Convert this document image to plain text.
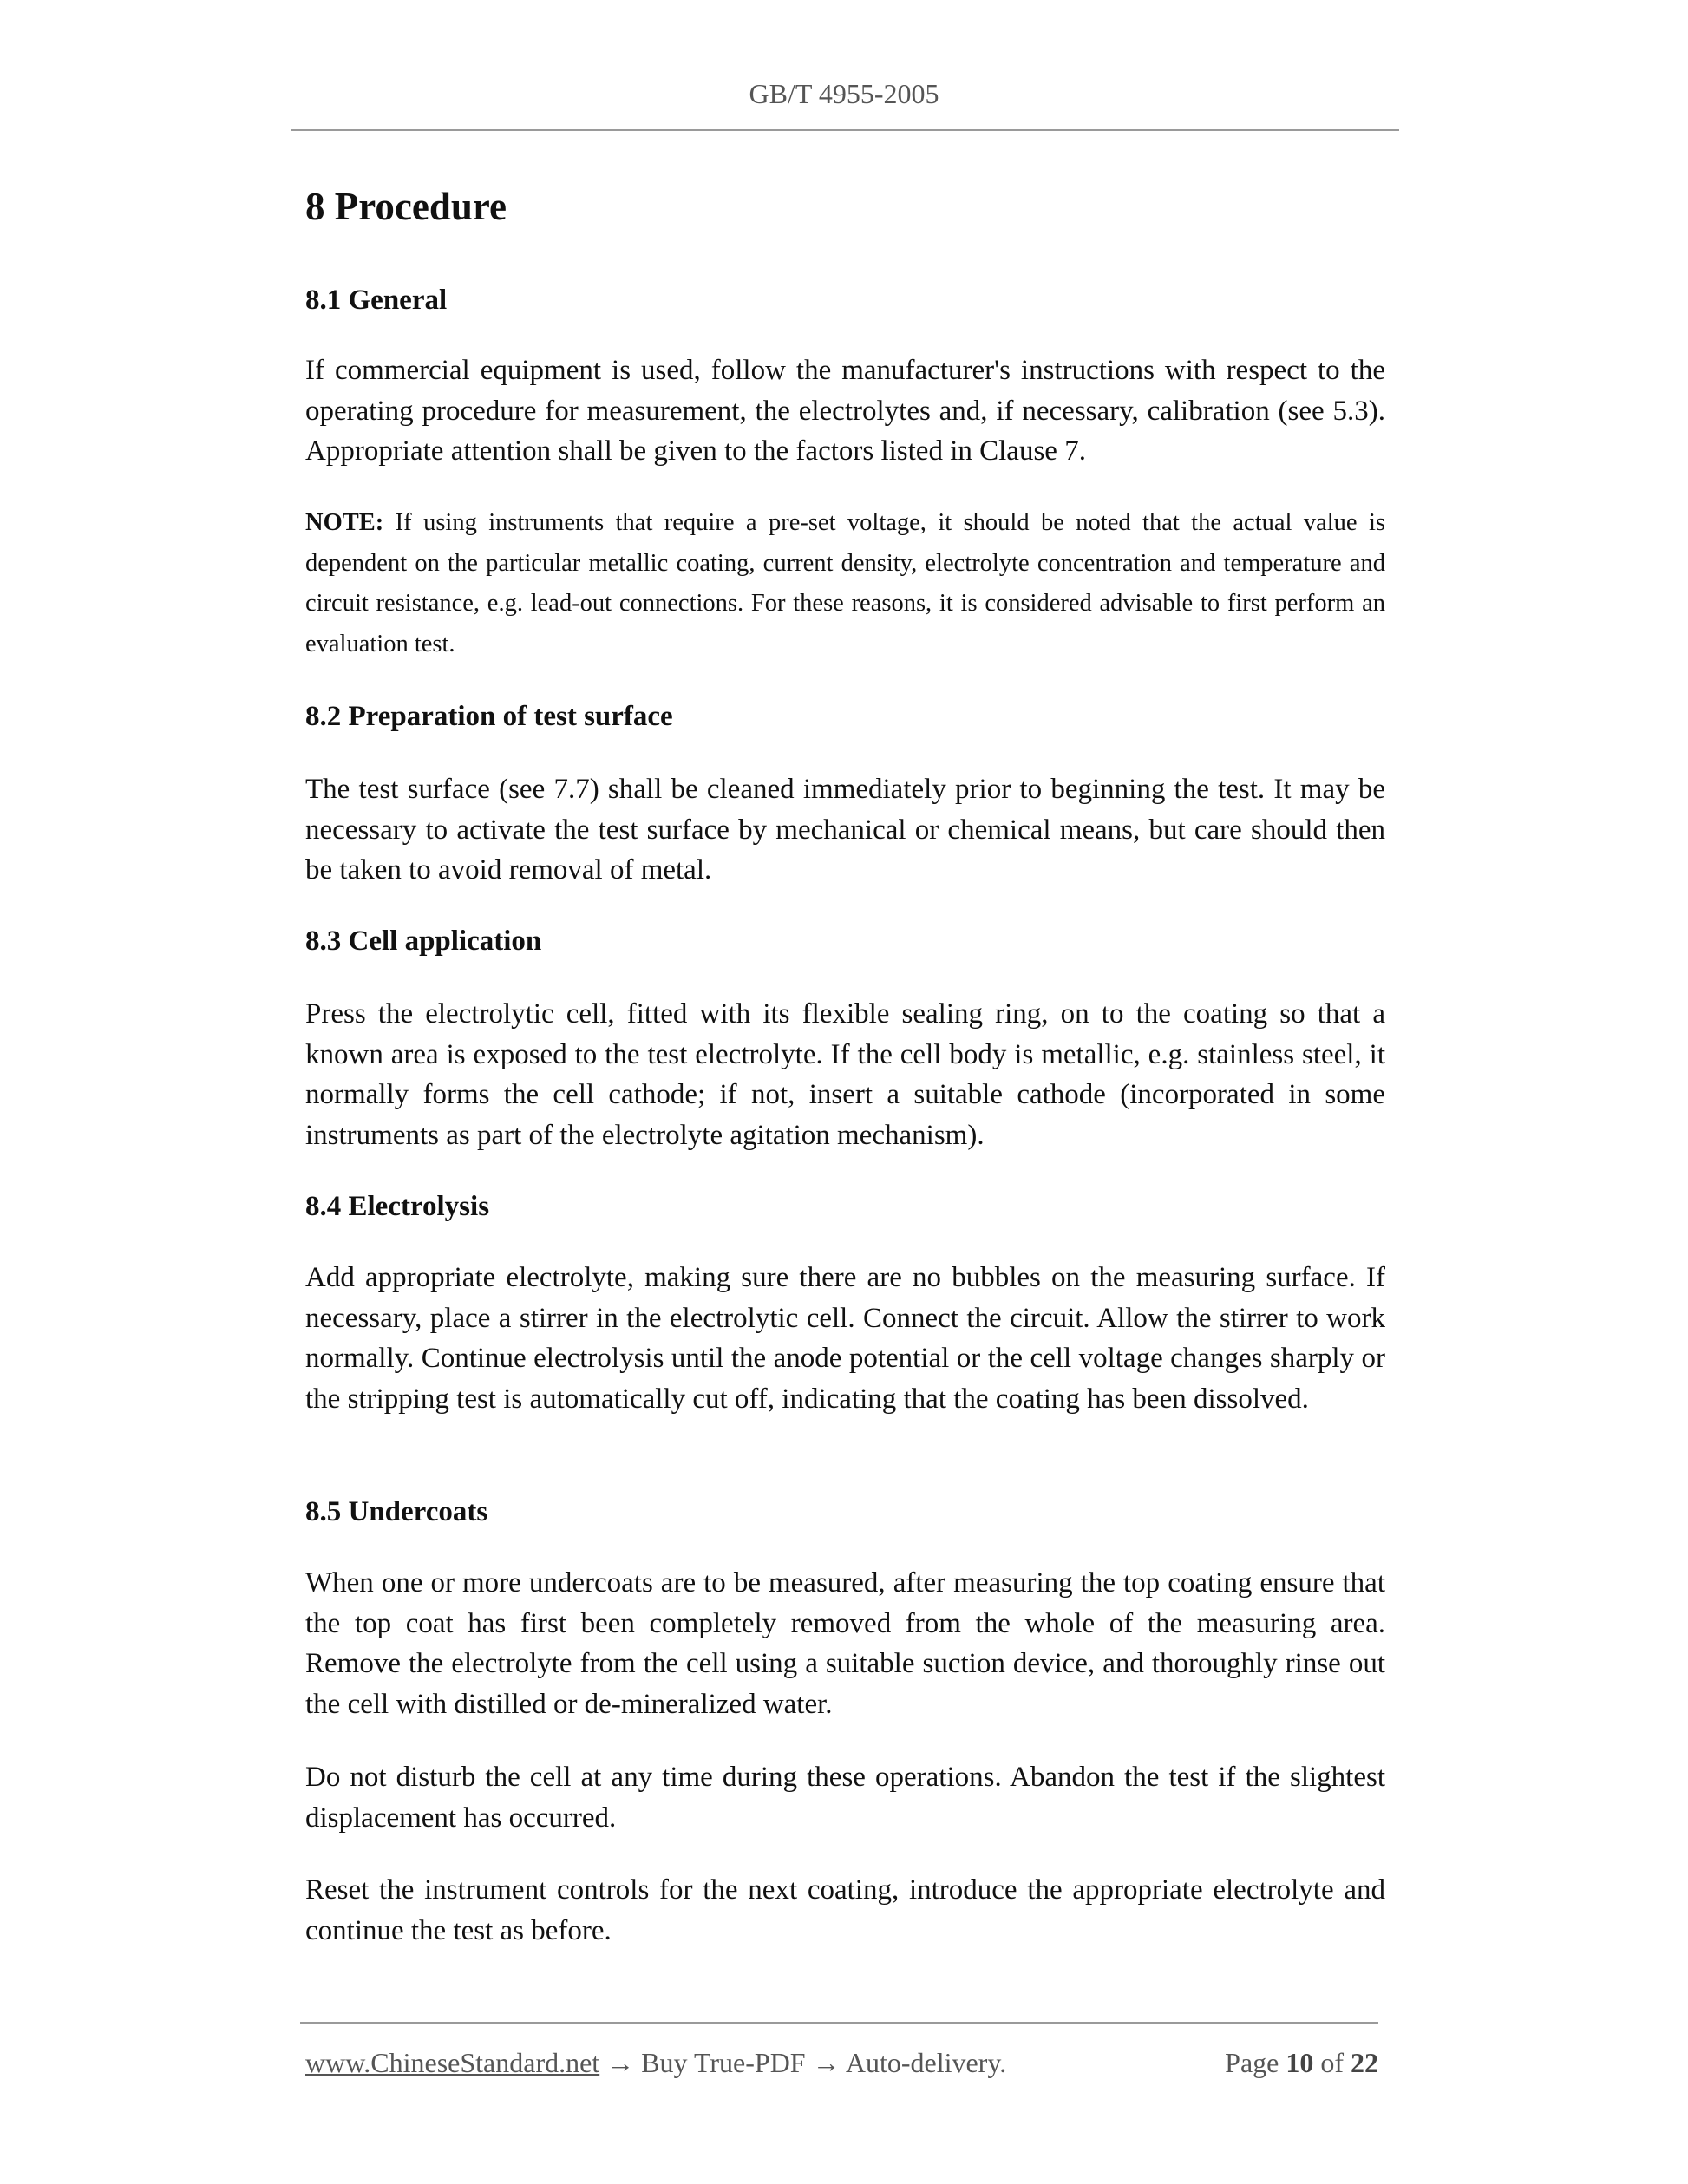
GB/T 4955-2005
8 Procedure
8.1 General

If commercial equipment is used, follow the manufacturer's instructions with respect to the operating procedure for measurement, the electrolytes and, if necessary, calibration (see 5.3). Appropriate attention shall be given to the factors listed in Clause 7.

NOTE: If using instruments that require a pre-set voltage, it should be noted that the actual value is dependent on the particular metallic coating, current density, electrolyte concentration and temperature and circuit resistance, e.g. lead-out connections. For these reasons, it is considered advisable to first perform an evaluation test.

8.2 Preparation of test surface

The test surface (see 7.7) shall be cleaned immediately prior to beginning the test. It may be necessary to activate the test surface by mechanical or chemical means, but care should then be taken to avoid removal of metal.

8.3 Cell application

Press the electrolytic cell, fitted with its flexible sealing ring, on to the coating so that a known area is exposed to the test electrolyte. If the cell body is metallic, e.g. stainless steel, it normally forms the cell cathode; if not, insert a suitable cathode (incorporated in some instruments as part of the electrolyte agitation mechanism).

8.4 Electrolysis

Add appropriate electrolyte, making sure there are no bubbles on the measuring surface. If necessary, place a stirrer in the electrolytic cell. Connect the circuit. Allow the stirrer to work normally. Continue electrolysis until the anode potential or the cell voltage changes sharply or the stripping test is automatically cut off, indicating that the coating has been dissolved.

8.5 Undercoats

When one or more undercoats are to be measured, after measuring the top coating ensure that the top coat has first been completely removed from the whole of the measuring area. Remove the electrolyte from the cell using a suitable suction device, and thoroughly rinse out the cell with distilled or de-mineralized water.

Do not disturb the cell at any time during these operations. Abandon the test if the slightest displacement has occurred.

Reset the instrument controls for the next coating, introduce the appropriate electrolyte and continue the test as before.

www.ChineseStandard.net → Buy True-PDF → Auto-delivery.	Page 10 of 22
